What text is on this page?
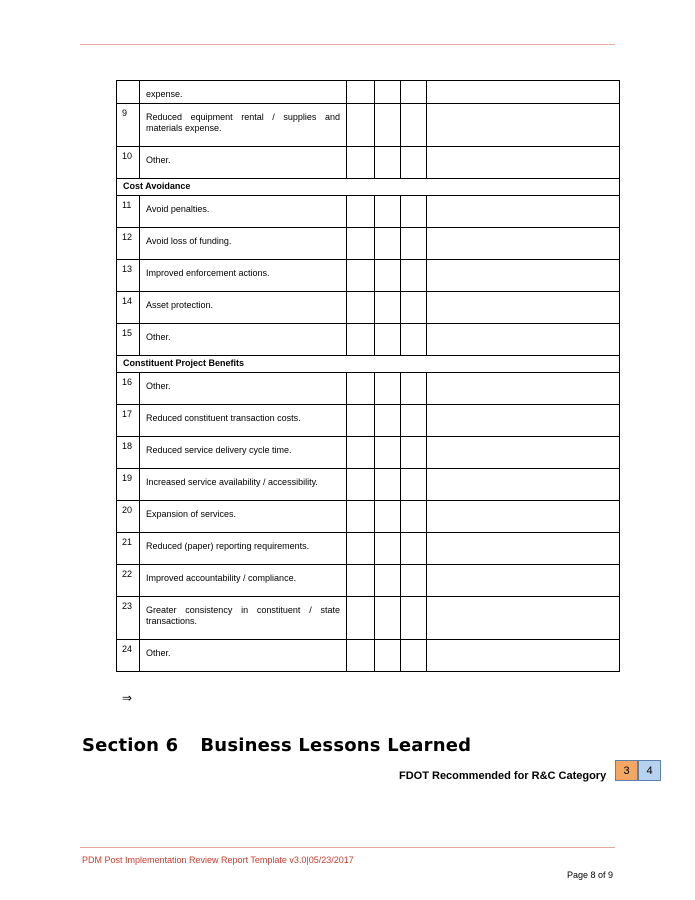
	expense.				

9	Reduced equipment rental / supplies and materials expense.				

10	Other.				

Cost Avoidance					

11	Avoid penalties.				

12	Avoid loss of funding.				

13	Improved enforcement actions.				

14	Asset protection.				

15	Other.				

Constituent Project Benefits					

16	Other.				

17	Reduced constituent transaction costs.				

18	Reduced service delivery cycle time.				

19	Increased service availability / accessibility.				

20	Expansion of services.				

21	Reduced (paper) reporting requirements.				

22	Improved accountability / compliance.				

23	Greater consistency in constituent / state transactions.				

24	Other.				

⇒
Section 6 Business Lessons Learned
FDOT Recommended for R&C Category	3	4
PDM Post Implementation Review Report Template v3.0|05/23/2017
Page 8 of 9
